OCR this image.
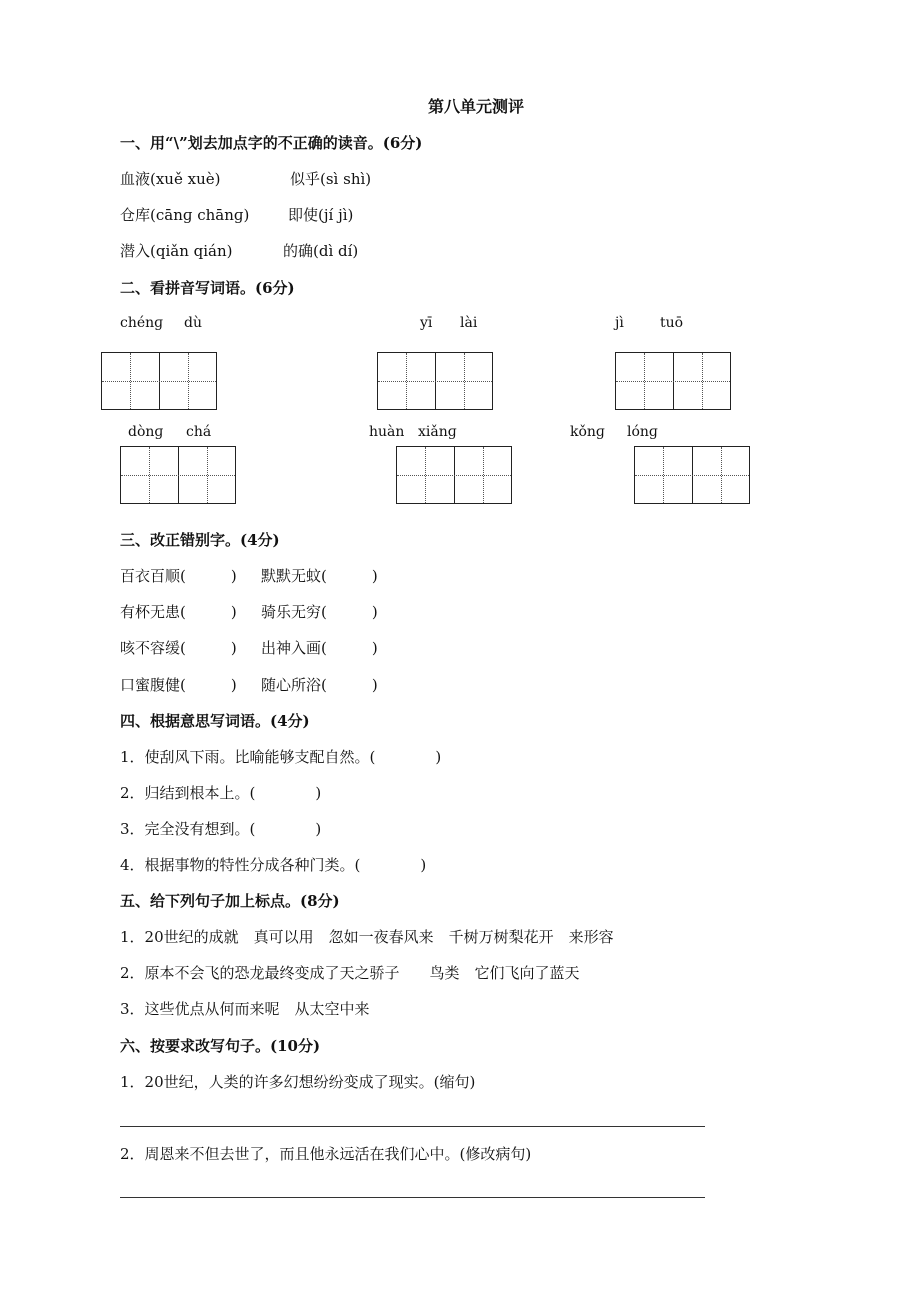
第八单元测评
一、用“\”划去加点字的不正确的读音。(6分)
血液(xuě xuè)	似乎(sì shì)
仓库(cānɡ chānɡ)	即使(jí jì)
潜入(qiǎn qián)	的确(dì dí)
二、看拼音写词语。(6分)
chénɡ dù	yī lài	jì	tuō
dònɡ chá	huàn xiǎnɡ	kǒnɡ lónɡ
三、改正错别字。(4分)
百衣百顺(　　　) 默默无蚊(　　　)
有杯无患(　　　) 骑乐无穷(　　　)
咳不容缓(　　　) 出神入画(　　　)
口蜜腹健(　　　) 随心所浴(　　　)
四、根据意思写词语。(4分)
1．使刮风下雨。比喻能够支配自然。(　　　　)
2．归结到根本上。(　　　　)
3．完全没有想到。(　　　　)
4．根据事物的特性分成各种门类。(　　　　)
五、给下列句子加上标点。(8分)
1．20世纪的成就　真可以用　忽如一夜春风来　千树万树梨花开　来形容
2．原本不会飞的恐龙最终变成了天之骄子　　鸟类　它们飞向了蓝天
3．这些优点从何而来呢　从太空中来
六、按要求改写句子。(10分)
1．20世纪，人类的许多幻想纷纷变成了现实。(缩句)
2．周恩来不但去世了，而且他永远活在我们心中。(修改病句)
